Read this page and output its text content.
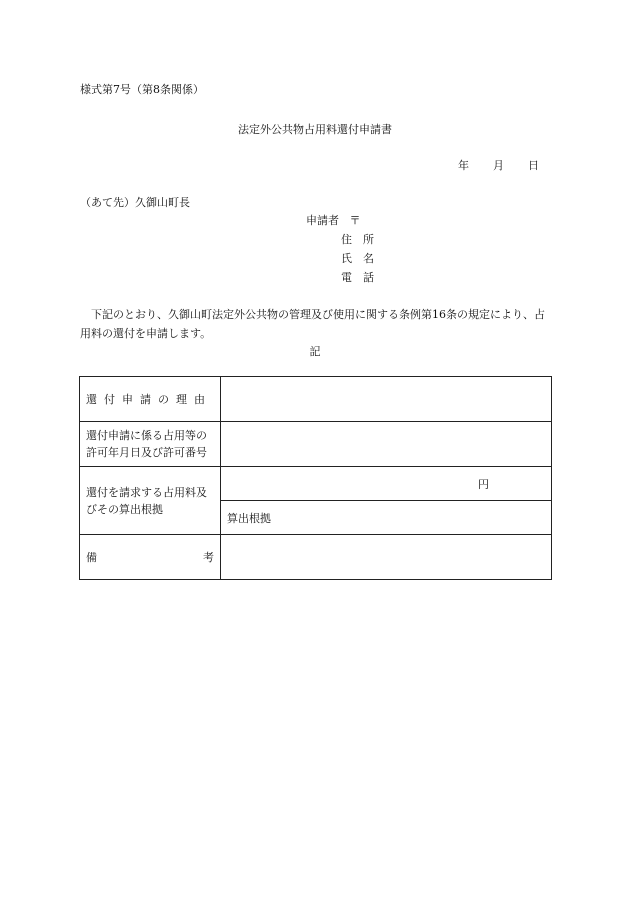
様式第7号（第8条関係）
法定外公共物占用料還付申請書
年 月 日
（あて先）久御山町長
申請者 〒
住　所
氏　名
電　話
　下記のとおり、久御山町法定外公共物の管理及び使用に関する条例第16条の規定により、占用料の還付を申請します。
記
還付申請の理由	
還付申請に係る占用等の許可年月日及び許可番号	
還付を請求する占用料及びその算出根拠	円
	算出根拠

備 考	
